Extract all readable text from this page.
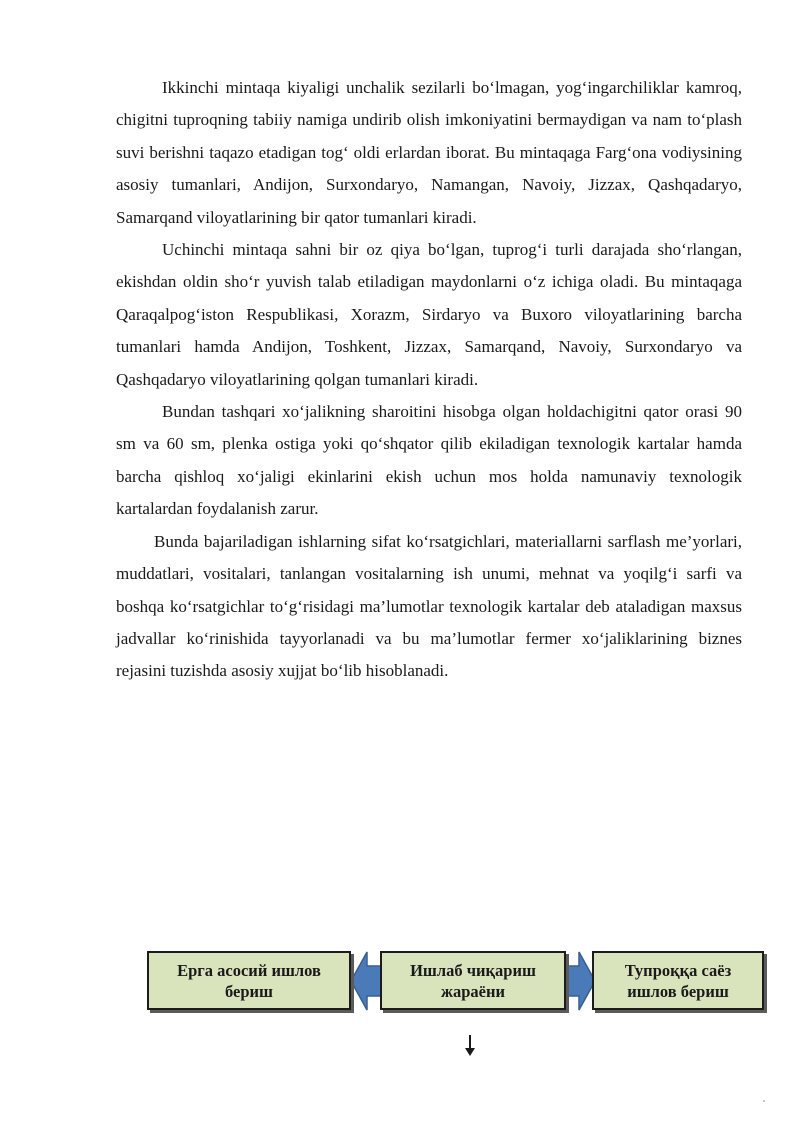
Ikkinchi mintaqa kiyaligi unchalik sezilarli bo‘lmagan, yog‘ingarchiliklar kamroq, chigitni tuproqning tabiiy namiga undirib olish imkoniyatini bermaydigan va nam to‘plash suvi berishni taqazo etadigan tog‘ oldi erlardan iborat. Bu mintaqaga Farg‘ona vodiysining asosiy tumanlari, Andijon, Surxondaryo, Namangan, Navoiy, Jizzax, Qashqadaryo, Samarqand viloyatlarining bir qator tumanlari kiradi.

Uchinchi mintaqa sahni bir oz qiya bo‘lgan, tuprog‘i turli darajada sho‘rlangan, ekishdan oldin sho‘r yuvish talab etiladigan maydonlarni o‘z ichiga oladi. Bu mintaqaga Qaraqalpog‘iston Respublikasi, Xorazm, Sirdaryo va Buxoro viloyatlarining barcha tumanlari hamda Andijon, Toshkent, Jizzax, Samarqand, Navoiy, Surxondaryo va Qashqadaryo viloyatlarining qolgan tumanlari kiradi.

Bundan tashqari xo‘jalikning sharoitini hisobga olgan holdachigitni qator orasi 90 sm va 60 sm, plenka ostiga yoki qo‘shqator qilib ekiladigan texnologik kartalar hamda barcha qishloq xo‘jaligi ekinlarini ekish uchun mos holda namunaviy texnologik kartalardan foydalanish zarur.

Bunda bajariladigan ishlarning sifat ko‘rsatgichlari, materiallarni sarflash me’yorlari, muddatlari, vositalari, tanlangan vositalarning ish unumi, mehnat va yoqilg‘i sarfi va boshqa ko‘rsatgichlar to‘g‘risidagi ma’lumotlar texnologik kartalar deb ataladigan maxsus jadvallar ko‘rinishida tayyorlanadi va bu ma’lumotlar fermer xo‘jaliklarining biznes rejasini tuzishda asosiy xujjat bo‘lib hisoblanadi.

Ерга асосий ишлов бериш
Ишлаб чиқариш жараёни
Тупроққа саёз ишлов бериш
